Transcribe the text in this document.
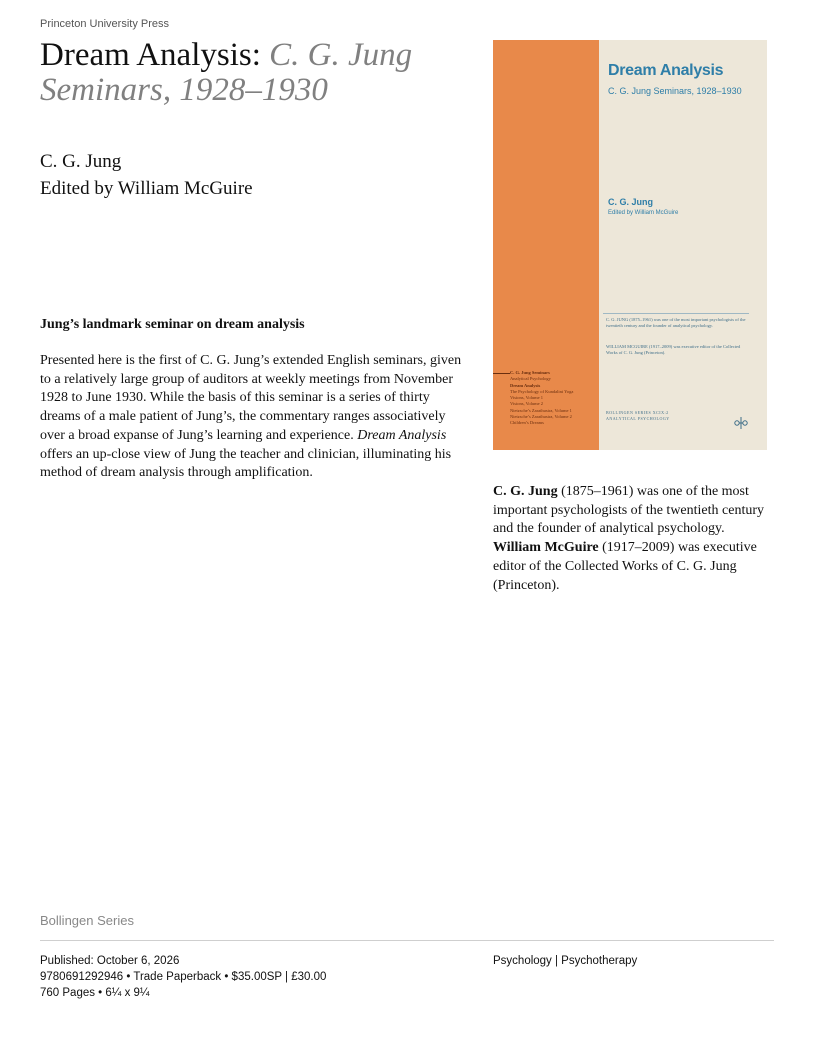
Princeton University Press
Dream Analysis: C. G. Jung Seminars, 1928–1930
C. G. Jung
Edited by William McGuire
Jung’s landmark seminar on dream analysis
Presented here is the first of C. G. Jung’s extended English seminars, given to a relatively large group of auditors at weekly meetings from November 1928 to June 1930. While the basis of this seminar is a series of thirty dreams of a male patient of Jung’s, the commentary ranges associatively over a broad expanse of Jung’s learning and experience. Dream Analysis offers an up-close view of Jung the teacher and clinician, illuminating his method of dream analysis through amplification.
Dream Analysis
C. G. Jung Seminars, 1928–1930
C. G. Jung
Edited by William McGuire
C. G. JUNG (1875–1961) was one of the most important psychologists of the twentieth century and the founder of analytical psychology.
WILLIAM MCGUIRE (1917–2009) was executive editor of the Collected Works of C. G. Jung (Princeton).
BOLLINGEN SERIES XCIX:2
ANALYTICAL PSYCHOLOGY
C. G. Jung Seminars
Analytical Psychology
Dream Analysis
The Psychology of Kundalini Yoga
Visions, Volume 1
Visions, Volume 2
Nietzsche’s Zarathustra, Volume 1
Nietzsche’s Zarathustra, Volume 2
Children’s Dreams
C. G. Jung (1875–1961) was one of the most important psychologists of the twentieth century and the founder of analytical psychology. William McGuire (1917–2009) was executive editor of the Collected Works of C. G. Jung (Princeton).
Bollingen Series
Published: October 6, 2026
9780691292946 • Trade Paperback • $35.00SP | £30.00
760 Pages • 6¼ x 9¼
Psychology | Psychotherapy
